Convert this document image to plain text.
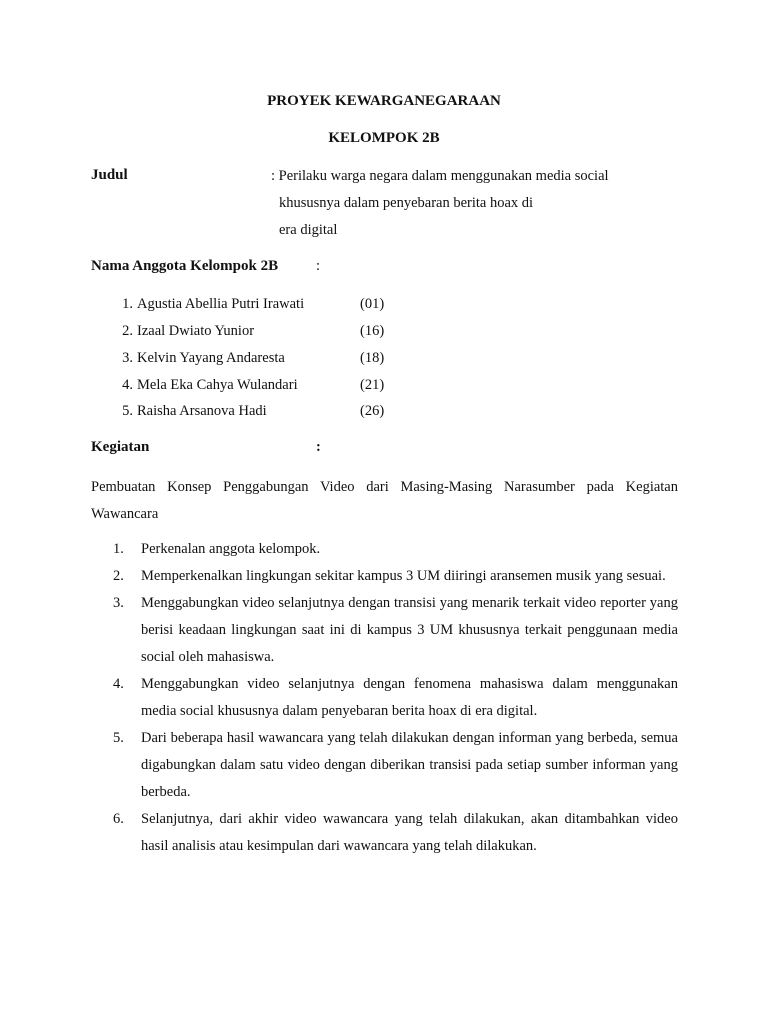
PROYEK KEWARGANEGARAAN
KELOMPOK 2B
Judul	: Perilaku warga negara dalam menggunakan media social
khususnya dalam penyebaran berita hoax di
era digital
Nama Anggota Kelompok 2B	:
1. Agustia Abellia Putri Irawati	(01)
2. Izaal Dwiato Yunior	(16)
3. Kelvin Yayang Andaresta	(18)
4. Mela Eka Cahya Wulandari	(21)
5. Raisha Arsanova Hadi	(26)
Kegiatan	:
Pembuatan Konsep Penggabungan Video dari Masing-Masing Narasumber pada Kegiatan Wawancara
1. Perkenalan anggota kelompok.
2. Memperkenalkan lingkungan sekitar kampus 3 UM diiringi aransemen musik yang sesuai.
3. Menggabungkan video selanjutnya dengan transisi yang menarik terkait video reporter yang berisi keadaan lingkungan saat ini di kampus 3 UM khususnya terkait penggunaan media social oleh mahasiswa.
4. Menggabungkan video selanjutnya dengan fenomena mahasiswa dalam menggunakan media social khususnya dalam penyebaran berita hoax di era digital.
5. Dari beberapa hasil wawancara yang telah dilakukan dengan informan yang berbeda, semua digabungkan dalam satu video dengan diberikan transisi pada setiap sumber informan yang berbeda.
6. Selanjutnya, dari akhir video wawancara yang telah dilakukan, akan ditambahkan video hasil analisis atau kesimpulan dari wawancara yang telah dilakukan.
